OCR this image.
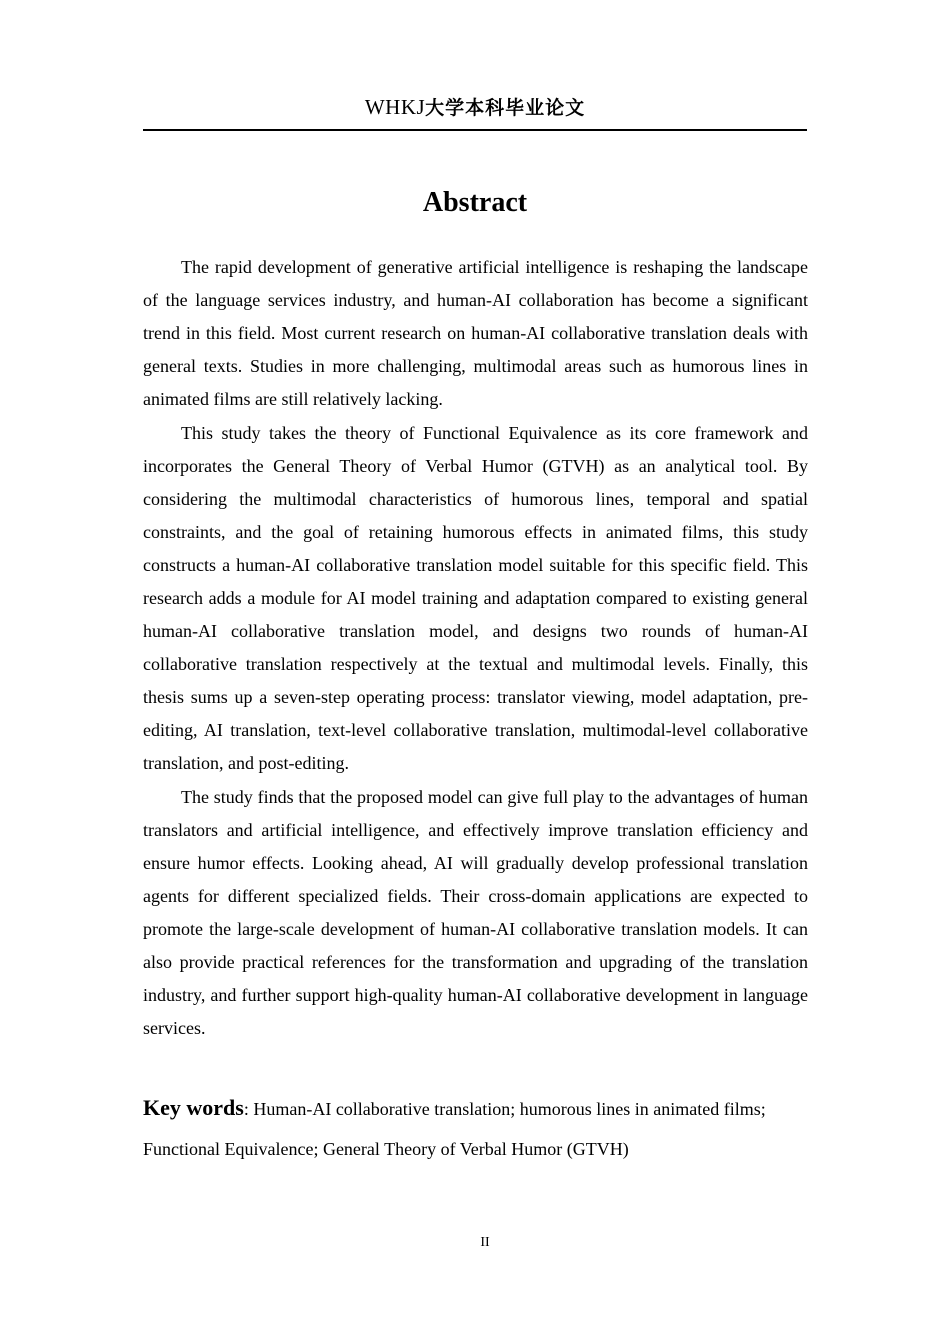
WHKJ大学本科毕业论文
Abstract

The rapid development of generative artificial intelligence is reshaping the landscape of the language services industry, and human-AI collaboration has become a significant trend in this field. Most current research on human-AI collaborative translation deals with general texts. Studies in more challenging, multimodal areas such as humorous lines in animated films are still relatively lacking.

This study takes the theory of Functional Equivalence as its core framework and incorporates the General Theory of Verbal Humor (GTVH) as an analytical tool. By considering the multimodal characteristics of humorous lines, temporal and spatial constraints, and the goal of retaining humorous effects in animated films, this study constructs a human-AI collaborative translation model suitable for this specific field. This research adds a module for AI model training and adaptation compared to existing general human-AI collaborative translation model, and designs two rounds of human-AI collaborative translation respectively at the textual and multimodal levels. Finally, this thesis sums up a seven-step operating process: translator viewing, model adaptation, pre-editing, AI translation, text-level collaborative translation, multimodal-level collaborative translation, and post-editing.

The study finds that the proposed model can give full play to the advantages of human translators and artificial intelligence, and effectively improve translation efficiency and ensure humor effects. Looking ahead, AI will gradually develop professional translation agents for different specialized fields. Their cross-domain applications are expected to promote the large-scale development of human-AI collaborative translation models. It can also provide practical references for the transformation and upgrading of the translation industry, and further support high-quality human-AI collaborative development in language services.

Key words: Human-AI collaborative translation; humorous lines in animated films; Functional Equivalence; General Theory of Verbal Humor (GTVH)
II
